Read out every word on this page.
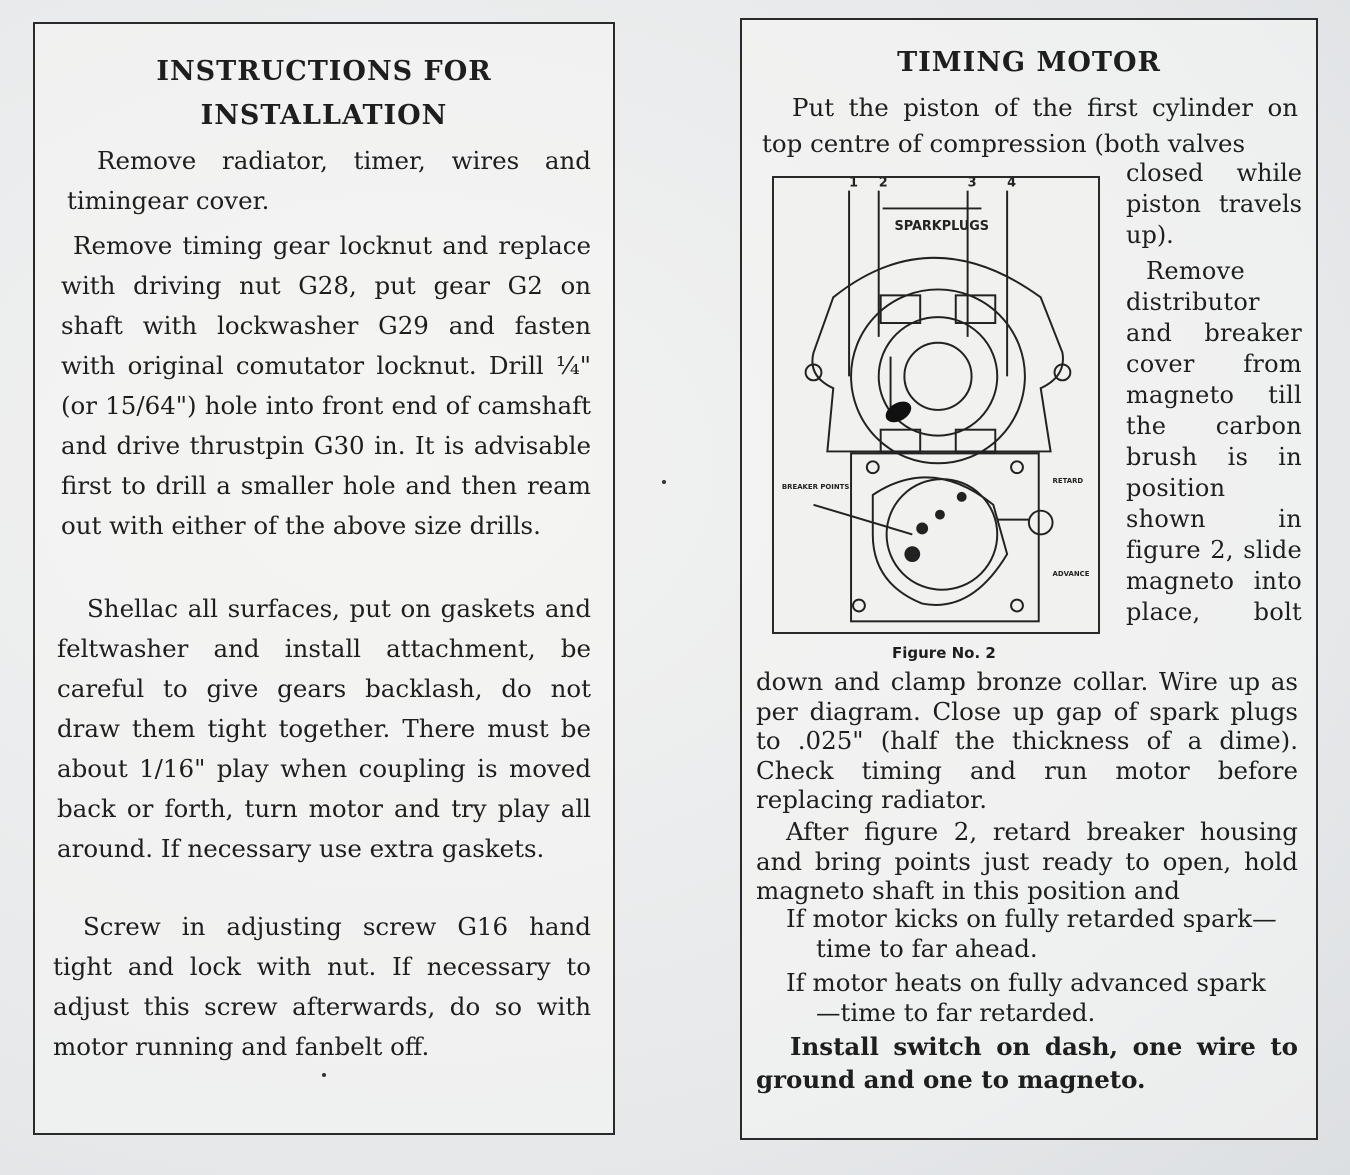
INSTRUCTIONS FOR
INSTALLATION

Remove radiator, timer, wires and timingear cover.

Remove timing gear locknut and replace with driving nut G28, put gear G2 on shaft with lockwasher G29 and fasten with original comutator locknut. Drill ¼" (or 15/64") hole into front end of camshaft and drive thrustpin G30 in. It is advisable first to drill a smaller hole and then ream out with either of the above size drills.

Shellac all surfaces, put on gaskets and feltwasher and install attachment, be careful to give gears backlash, do not draw them tight together. There must be about 1/16" play when coupling is moved back or forth, turn motor and try play all around. If necessary use extra gaskets.

Screw in adjusting screw G16 hand tight and lock with nut. If necessary to adjust this screw afterwards, do so with motor running and fanbelt off.

TIMING MOTOR

Put the piston of the first cylinder on top centre of compression (both valves

1 2	3 4
SPARKPLUGS
BREAKER POINTS
RETARD
ADVANCE
Figure No. 2
closed while piston travels up).
Remove distributor and breaker cover from magneto till the carbon brush is in position shown in figure 2, slide magneto into place, bolt

down and clamp bronze collar. Wire up as per diagram. Close up gap of spark plugs to .025" (half the thickness of a dime). Check timing and run motor before replacing radiator.

After figure 2, retard breaker housing and bring points just ready to open, hold magneto shaft in this position and

If motor kicks on fully retarded spark—
time to far ahead.

If motor heats on fully advanced spark
—time to far retarded.

Install switch on dash, one wire to ground and one to magneto.
